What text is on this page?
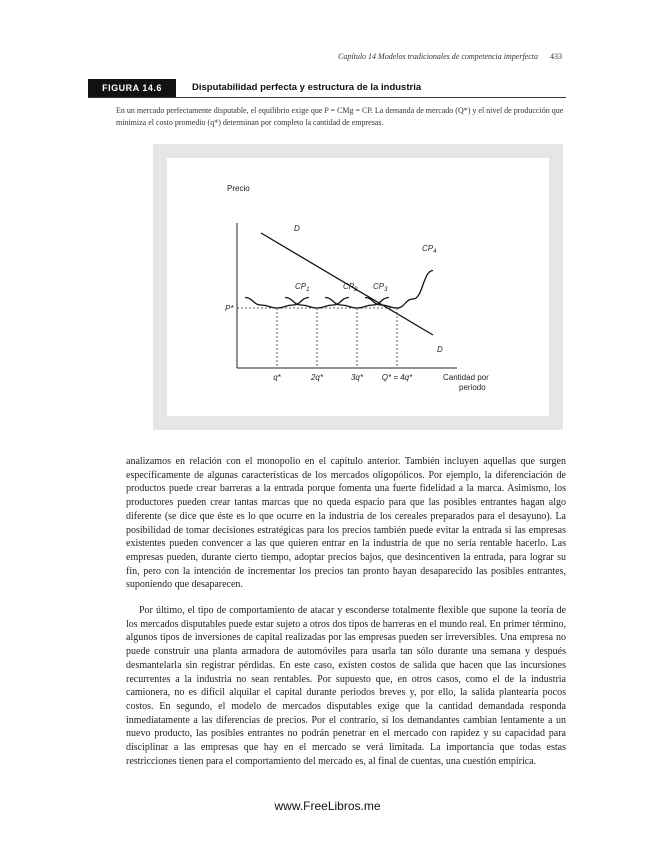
Capítulo 14 Modelos tradicionales de competencia imperfecta 433
FIGURA 14.6	Disputabilidad perfecta y estructura de la industria
En un mercado perfectamente disputable, el equilibrio exige que P = CMg = CP. La demanda de mercado (Q*) y el nivel de producción que minimiza el costo promedio (q*) determinan por completo la cantidad de empresas.
Precio
Cantidad por
periodo
P*
D
D
$CP_1$	$CP_2$ $CP_3$
$CP_4$
q*	2q*	3q* Q* = 4q*

analizamos en relación con el monopolio en el capítulo anterior. También incluyen aquellas que surgen específicamente de algunas características de los mercados oligopólicos. Por ejemplo, la diferenciación de productos puede crear barreras a la entrada porque fomenta una fuerte fidelidad a la marca. Asimismo, los productores pueden crear tantas marcas que no queda espacio para que las posibles entrantes hagan algo diferente (se dice que éste es lo que ocurre en la industria de los cereales preparados para el desayuno). La posibilidad de tomar decisiones estratégicas para los precios también puede evitar la entrada si las empresas existentes pueden convencer a las que quieren entrar en la industria de que no sería rentable hacerlo. Las empresas pueden, durante cierto tiempo, adoptar precios bajos, que desincentiven la entrada, para lograr su fin, pero con la intención de incrementar los precios tan pronto hayan desaparecido las posibles entrantes, suponiendo que desaparecen.

Por último, el tipo de comportamiento de atacar y esconderse totalmente flexible que supone la teoría de los mercados disputables puede estar sujeto a otros dos tipos de barreras en el mundo real. En primer término, algunos tipos de inversiones de capital realizadas por las empresas pueden ser irreversibles. Una empresa no puede construir una planta armadora de automóviles para usarla tan sólo durante una semana y después desmantelarla sin registrar pérdidas. En este caso, existen costos de salida que hacen que las incursiones recurrentes a la industria no sean rentables. Por supuesto que, en otros casos, como el de la industria camionera, no es difícil alquilar el capital durante periodos breves y, por ello, la salida plantearía pocos costos. En segundo, el modelo de mercados disputables exige que la cantidad demandada responda inmediatamente a las diferencias de precios. Por el contrario, si los demandantes cambian lentamente a un nuevo producto, las posibles entrantes no podrán penetrar en el mercado con rapidez y su capacidad para disciplinar a las empresas que hay en el mercado se verá limitada. La importancia que todas estas restricciones tienen para el comportamiento del mercado es, al final de cuentas, una cuestión empírica.

www.FreeLibros.me
